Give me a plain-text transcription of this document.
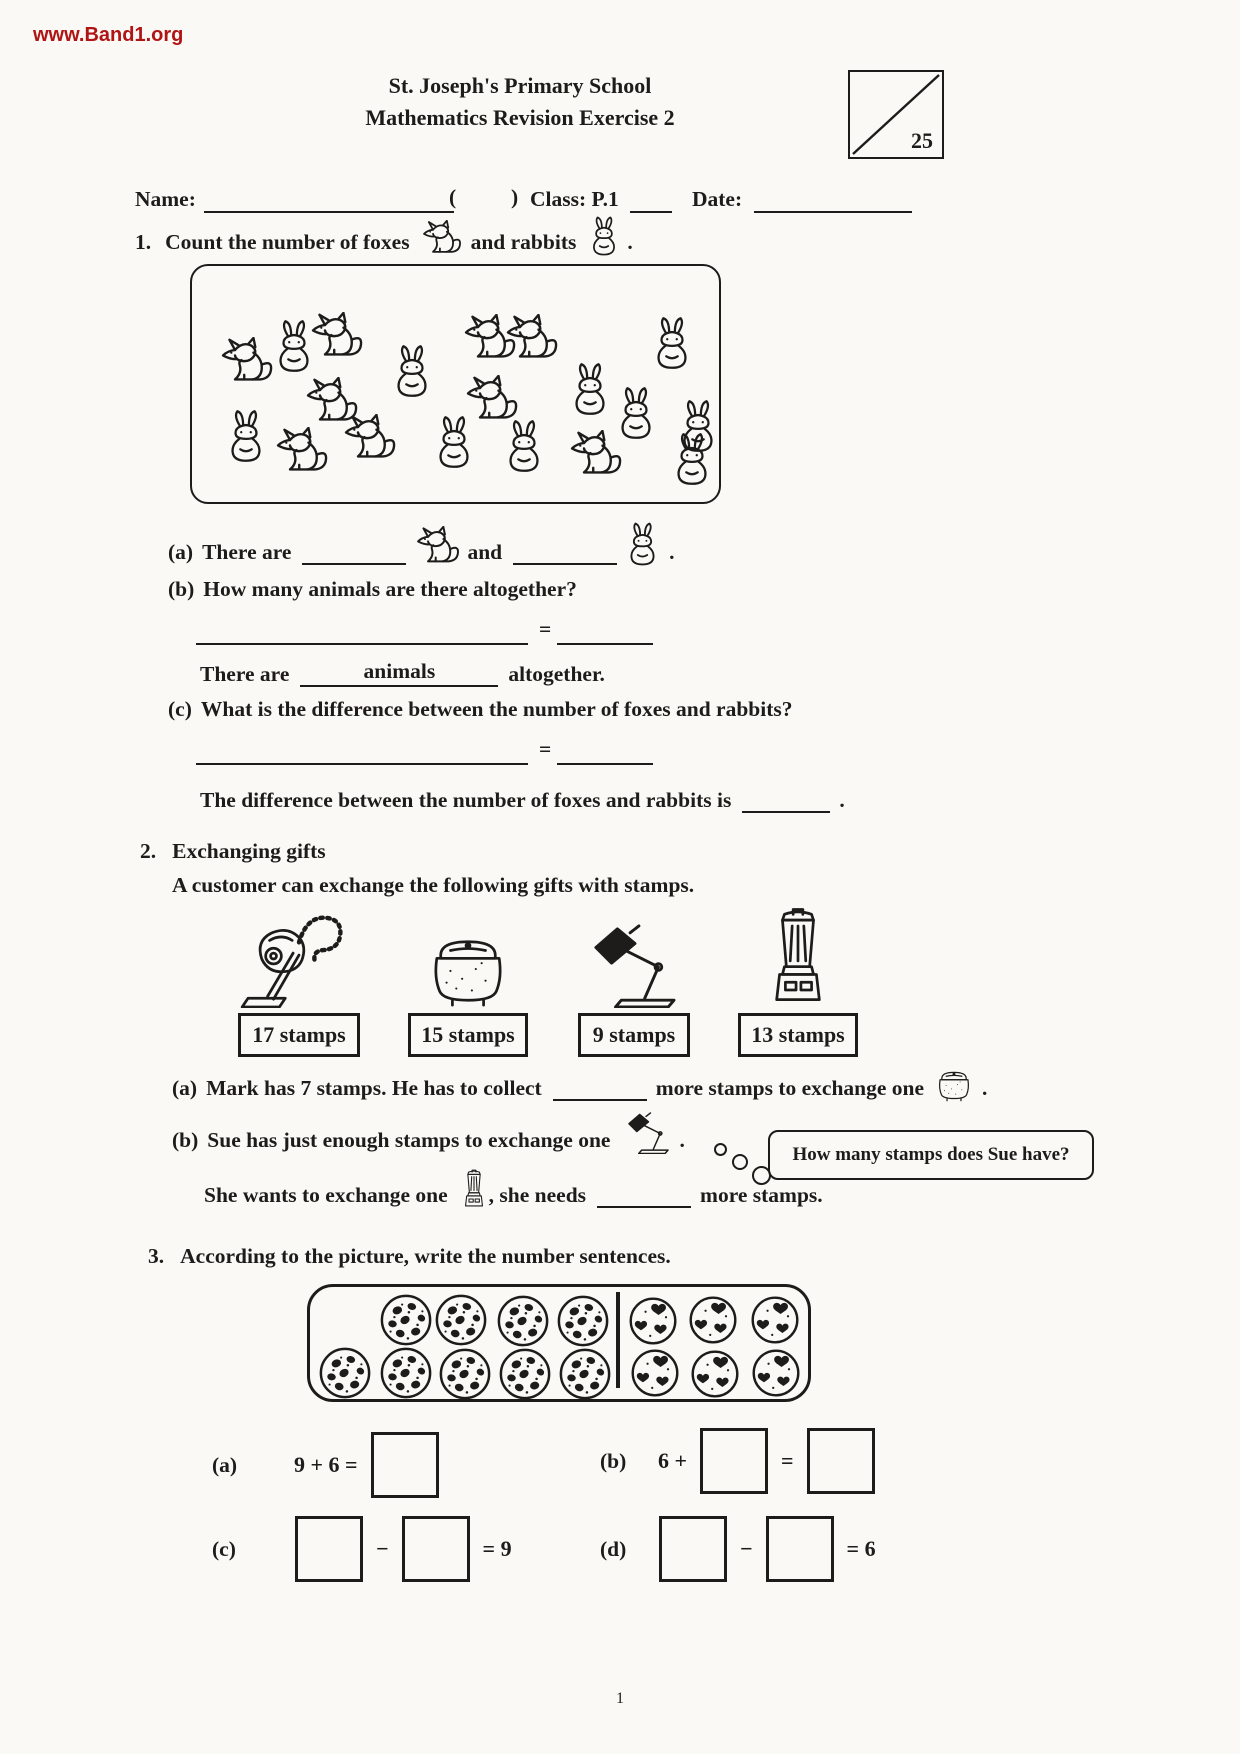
www.Band1.org
St. Joseph's Primary School
Mathematics Revision Exercise 2
25
Name:	(	) Class: P.1	Date:
1. Count the number of foxes	and rabbits .
(a) There are	and	.
(b) How many animals are there altogether?
=
There are	animals	altogether.
(c) What is the difference between the number of foxes and rabbits?
=
The difference between the number of foxes and rabbits is	.
2. Exchanging gifts
A customer can exchange the following gifts with stamps.
17 stamps	15 stamps	9 stamps	13 stamps
(a) Mark has 7 stamps. He has to collect	more stamps to exchange one	.
(b) Sue has just enough stamps to exchange one	.
How many stamps does Sue have?
She wants to exchange one , she needs	more stamps.
3. According to the picture, write the number sentences.
(a)	9 + 6 =	(b)	6 +	=
(c)	−	= 9	(d)	−	= 6
1
